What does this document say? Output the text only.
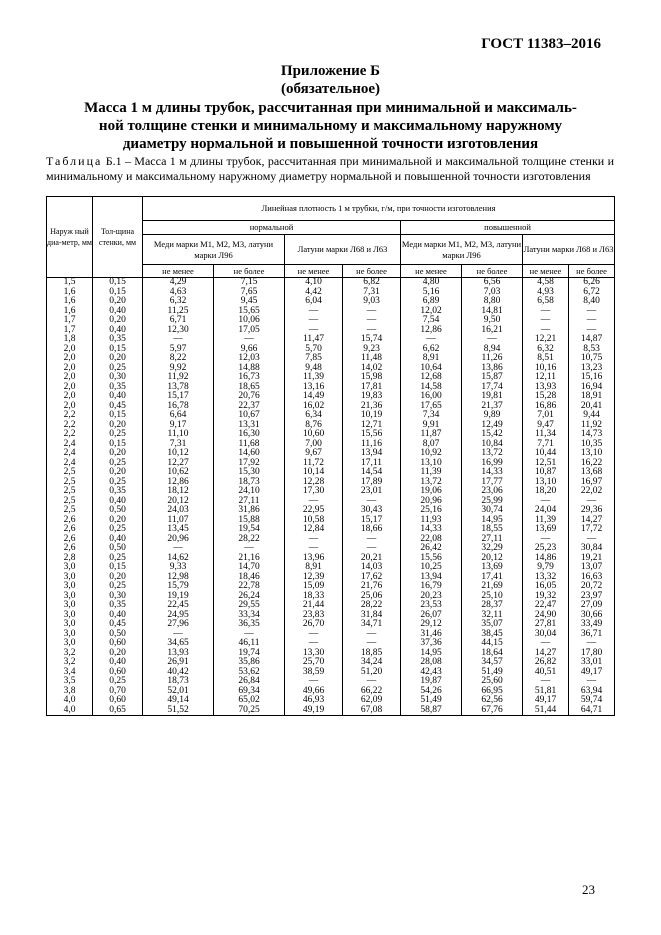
ГОСТ 11383–2016
Приложение Б
(обязательное)
Масса 1 м длины трубок, рассчитанная при минимальной и максималь-
ной толщине стенки и минимальному и максимальному наружному
диаметру нормальной и повышенной точности изготовления
Таблица Б.1 – Масса 1 м длины трубок, рассчитанная при минимальной и максимальной толщине стенки и минимальному и максимальному наружному диаметру нормальной и повышенной точности изготовления
Наруж ный диа-метр, мм	Тол-щина стенки, мм	Линейная плотность 1 м трубки, г/м, при точности изготовления							
		нормальной				повышенной			
		Меди марки М1, М2, М3, латуни марки Л96		Латуни марки Л68 и Л63		Меди марки М1, М2, М3, латуни марки Л96		Латуни марки Л68 и Л63	
		не менее	не более	не менее	не более	не менее	не более	не менее	не более
1,5	0,15	4,29	7,15	4,10	6,82	4,80	6,56	4,58	6,26
1,6	0,15	4,63	7,65	4,42	7,31	5,16	7,03	4,93	6,72
1,6	0,20	6,32	9,45	6,04	9,03	6,89	8,80	6,58	8,40
1,6	0,40	11,25	15,65	—	—	12,02	14,81	—	—
1,7	0,20	6,71	10,06	—	—	7,54	9,50	—	—
1,7	0,40	12,30	17,05	—	—	12,86	16,21	—	—
1,8	0,35	—	—	11,47	15,74	—	—	12,21	14,87
2,0	0,15	5,97	9,66	5,70	9,23	6,62	8,94	6,32	8,53
2,0	0,20	8,22	12,03	7,85	11,48	8,91	11,26	8,51	10,75
2,0	0,25	9,92	14,88	9,48	14,02	10,64	13,86	10,16	13,23
2,0	0,30	11,92	16,73	11,39	15,98	12,68	15,87	12,11	15,16
2,0	0,35	13,78	18,65	13,16	17,81	14,58	17,74	13,93	16,94
2,0	0,40	15,17	20,76	14,49	19,83	16,00	19,81	15,28	18,91
2,0	0,45	16,78	22,37	16,02	21,36	17,65	21,37	16,86	20,41
2,2	0,15	6,64	10,67	6,34	10,19	7,34	9,89	7,01	9,44
2,2	0,20	9,17	13,31	8,76	12,71	9,91	12,49	9,47	11,92
2,2	0,25	11,10	16,30	10,60	15,56	11,87	15,42	11,34	14,73
2,4	0,15	7,31	11,68	7,00	11,16	8,07	10,84	7,71	10,35
2,4	0,20	10,12	14,60	9,67	13,94	10,92	13,72	10,44	13,10
2,4	0,25	12,27	17,92	11,72	17,11	13,10	16,99	12,51	16,22
2,5	0,20	10,62	15,30	10,14	14,54	11,39	14,33	10,87	13,68
2,5	0,25	12,86	18,73	12,28	17,89	13,72	17,77	13,10	16,97
2,5	0,35	18,12	24,10	17,30	23,01	19,06	23,06	18,20	22,02
2,5	0,40	20,12	27,11	—	—	20,96	25,99	—	—
2,5	0,50	24,03	31,86	22,95	30,43	25,16	30,74	24,04	29,36
2,6	0,20	11,07	15,88	10,58	15,17	11,93	14,95	11,39	14,27
2,6	0,25	13,45	19,54	12,84	18,66	14,33	18,55	13,69	17,72
2,6	0,40	20,96	28,22	—	—	22,08	27,11	—	—
2,6	0,50	—	—	—	—	26,42	32,29	25,23	30,84
2,8	0,25	14,62	21,16	13,96	20,21	15,56	20,12	14,86	19,21
3,0	0,15	9,33	14,70	8,91	14,03	10,25	13,69	9,79	13,07
3,0	0,20	12,98	18,46	12,39	17,62	13,94	17,41	13,32	16,63
3,0	0,25	15,79	22,78	15,09	21,76	16,79	21,69	16,05	20,72
3,0	0,30	19,19	26,24	18,33	25,06	20,23	25,10	19,32	23,97
3,0	0,35	22,45	29,55	21,44	28,22	23,53	28,37	22,47	27,09
3,0	0,40	24,95	33,34	23,83	31,84	26,07	32,11	24,90	30,66
3,0	0,45	27,96	36,35	26,70	34,71	29,12	35,07	27,81	33,49
3,0	0,50	—	—	—	—	31,46	38,45	30,04	36,71
3,0	0,60	34,65	46,11	—	—	37,36	44,15	—	—
3,2	0,20	13,93	19,74	13,30	18,85	14,95	18,64	14,27	17,80
3,2	0,40	26,91	35,86	25,70	34,24	28,08	34,57	26,82	33,01
3,4	0,60	40,42	53,62	38,59	51,20	42,43	51,49	40,51	49,17
3,5	0,25	18,73	26,84	—	—	19,87	25,60	—	—
3,8	0,70	52,01	69,34	49,66	66,22	54,26	66,95	51,81	63,94
4,0	0,60	49,14	65,02	46,93	62,09	51,49	62,56	49,17	59,74
4,0	0,65	51,52	70,25	49,19	67,08	58,87	67,76	51,44	64,71
23
